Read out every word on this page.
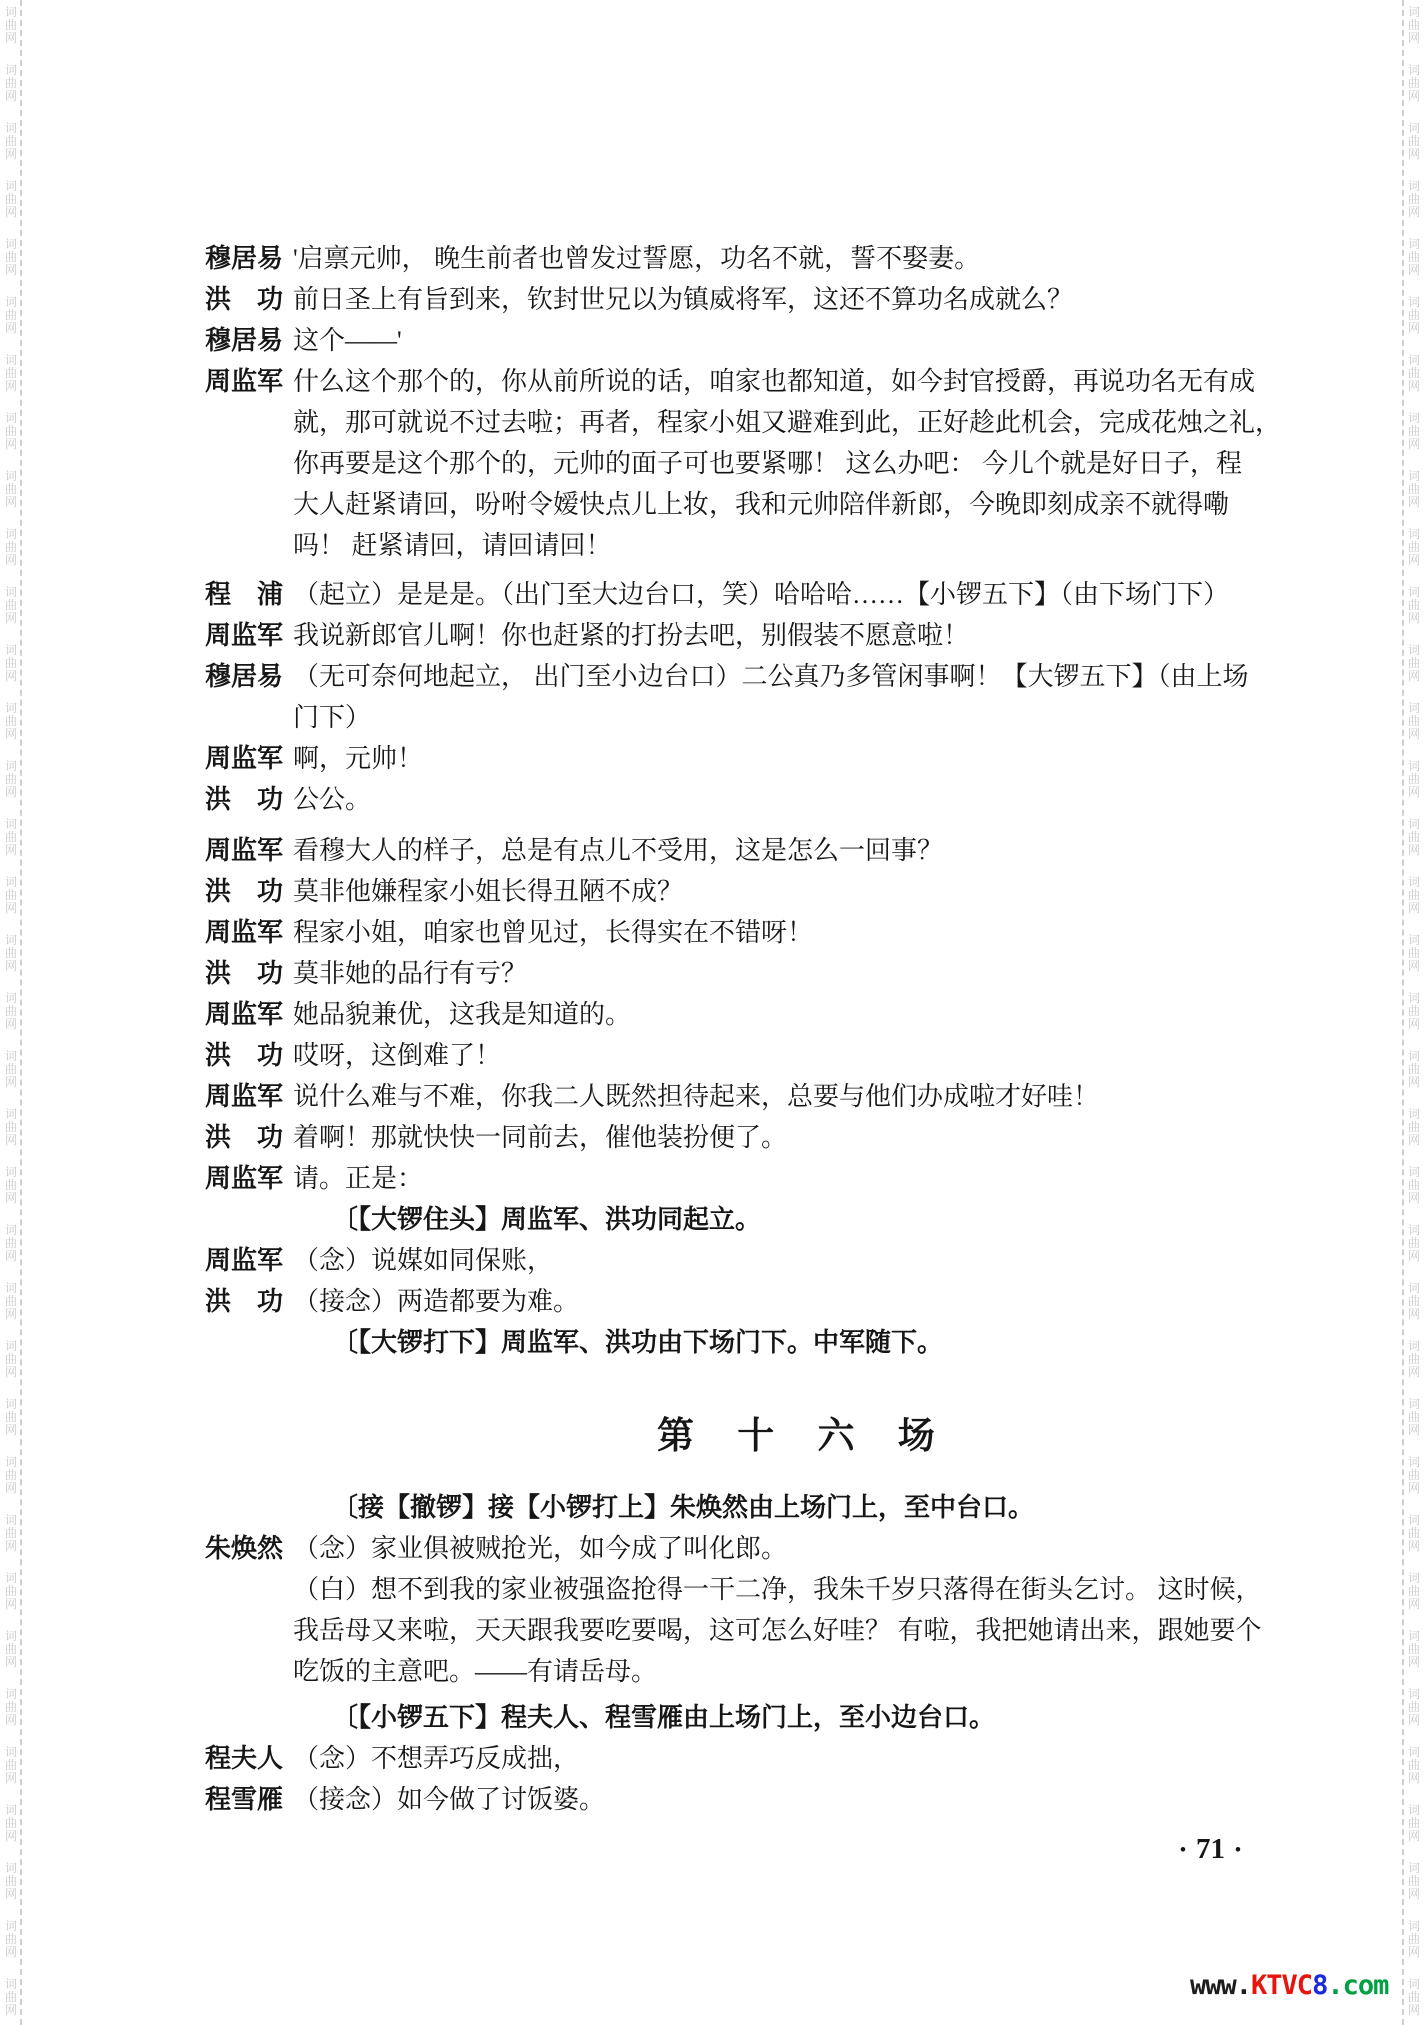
词
曲
网
词
曲
网
词
曲
网
词
曲
网
词
曲
网
词
曲
网
词
曲
网
词
曲
网
词
曲
网
词
曲
网
词
曲
网
词
曲
网
词
曲
网
词
曲
网
词
曲
网
词
曲
网
词
曲
网
词
曲
网
词
曲
网
词
曲
网
词
曲
网
词
曲
网
词
曲
网
词
曲
网
词
曲
网
词
曲
网
词
曲
网
词
曲
网
词
曲
网
词
曲
网
词
曲
网
词
曲
网
词
曲
网
词
曲
网
词
曲
网
词
曲
网
词
曲
网
词
曲
网
词
曲
网
词
曲
网
词
曲
网
词
曲
网
词
曲
网
词
曲
网
词
曲
网
词
曲
网
词
曲
网
词
曲
网
词
曲
网
词
曲
网
词
曲
网
词
曲
网
词
曲
网
词
曲
网
词
曲
网
词
曲
网
词
曲
网
词
曲
网
词
曲
网
词
曲
网
词
曲
网
词
曲
网
词
曲
网
词
曲
网
词
曲
网
词
曲
网
词
曲
网
词
曲
网
词
曲
网
词
曲
网
穆居易 '启禀元帅， 晚生前者也曾发过誓愿，功名不就，誓不娶妻。
洪　功 前日圣上有旨到来，钦封世兄以为镇威将军，这还不算功名成就么？
穆居易 这个——'
周监军 什么这个那个的，你从前所说的话，咱家也都知道，如今封官授爵，再说功名无有成
就，那可就说不过去啦；再者，程家小姐又避难到此，正好趁此机会，完成花烛之礼，
你再要是这个那个的，元帅的面子可也要紧哪！ 这么办吧： 今儿个就是好日子，程
大人赶紧请回，吩咐令嫒快点儿上妆，我和元帅陪伴新郎，今晚即刻成亲不就得嘞
吗！ 赶紧请回，请回请回！
程　浦 （起立）是是是。（出门至大边台口，笑）哈哈哈……【小锣五下】（由下场门下）
周监军 我说新郎官儿啊！你也赶紧的打扮去吧，别假装不愿意啦！
穆居易 （无可奈何地起立， 出门至小边台口）二公真乃多管闲事啊！【大锣五下】（由上场
门下）
周监军 啊，元帅！
洪　功 公公。
周监军 看穆大人的样子，总是有点儿不受用，这是怎么一回事？
洪　功 莫非他嫌程家小姐长得丑陋不成？
周监军 程家小姐，咱家也曾见过，长得实在不错呀！
洪　功 莫非她的品行有亏？
周监军 她品貌兼优，这我是知道的。
洪　功 哎呀，这倒难了！
周监军 说什么难与不难，你我二人既然担待起来，总要与他们办成啦才好哇！
洪　功 着啊！那就快快一同前去，催他装扮便了。
周监军 请。正是：
〔【大锣住头】周监军、洪功同起立。
周监军 （念）说媒如同保账，
洪　功 （接念）两造都要为难。
〔【大锣打下】周监军、洪功由下场门下。中军随下。
第 十 六 场
〔接【撤锣】接【小锣打上】朱焕然由上场门上，至中台口。
朱焕然 （念）家业俱被贼抢光，如今成了叫化郎。
（白）想不到我的家业被强盗抢得一干二净，我朱千岁只落得在街头乞讨。 这时候，
我岳母又来啦，天天跟我要吃要喝，这可怎么好哇？ 有啦，我把她请出来，跟她要个
吃饭的主意吧。——有请岳母。
〔【小锣五下】程夫人、程雪雁由上场门上，至小边台口。
程夫人 （念）不想弄巧反成拙，
程雪雁 （接念）如今做了讨饭婆。
• 71 •
www.KTVC8.com
